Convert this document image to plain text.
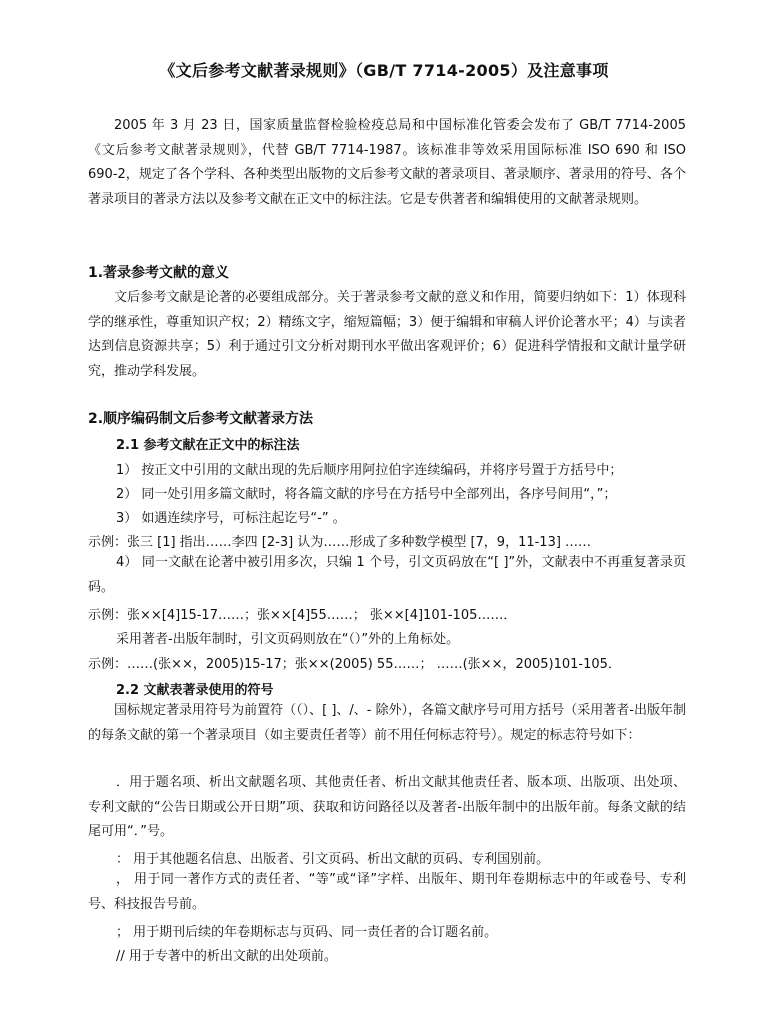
《文后参考文献著录规则》（GB/T 7714-2005）及注意事项
2005 年 3 月 23 日，国家质量监督检验检疫总局和中国标准化管委会发布了 GB/T 7714-2005《文后参考文献著录规则》，代替 GB/T 7714-1987。该标准非等效采用国际标准 ISO 690 和 ISO 690-2，规定了各个学科、各种类型出版物的文后参考文献的著录项目、著录顺序、著录用的符号、各个著录项目的著录方法以及参考文献在正文中的标注法。它是专供著者和编辑使用的文献著录规则。
1.著录参考文献的意义
文后参考文献是论著的必要组成部分。关于著录参考文献的意义和作用，简要归纳如下：1）体现科学的继承性，尊重知识产权；2）精练文字，缩短篇幅；3）便于编辑和审稿人评价论著水平；4）与读者达到信息资源共享；5）利于通过引文分析对期刊水平做出客观评价；6）促进科学情报和文献计量学研究，推动学科发展。
2.顺序编码制文后参考文献著录方法
2.1 参考文献在正文中的标注法
1） 按正文中引用的文献出现的先后顺序用阿拉伯字连续编码，并将序号置于方括号中；
2） 同一处引用多篇文献时，将各篇文献的序号在方括号中全部列出，各序号间用“，”；
3） 如遇连续序号，可标注起讫号“-” 。
示例：张三 [1] 指出……李四 [2-3] 认为……形成了多种数学模型 [7，9，11-13] ……
4） 同一文献在论著中被引用多次，只编 1 个号，引文页码放在“[ ]”外，文献表中不再重复著录页码。
示例：张××[4]15-17……；张××[4]55……； 张××[4]101-105……．
采用著者-出版年制时，引文页码则放在“（）”外的上角标处。
示例：……(张××，2005)15-17；张××(2005) 55……； ……(张××，2005)101-105．
2.2 文献表著录使用的符号
国标规定著录用符号为前置符（（）、[ ]、/、- 除外），各篇文献序号可用方括号（采用著者-出版年制的每条文献的第一个著录项目（如主要责任者等）前不用任何标志符号）。规定的标志符号如下：
．用于题名项、析出文献题名项、其他责任者、析出文献其他责任者、版本项、出版项、出处项、专利文献的“公告日期或公开日期”项、获取和访问路径以及著者-出版年制中的出版年前。每条文献的结尾可用“．”号。
： 用于其他题名信息、出版者、引文页码、析出文献的页码、专利国别前。
， 用于同一著作方式的责任者、“等”或“译”字样、出版年、期刊年卷期标志中的年或卷号、专利号、科技报告号前。
； 用于期刊后续的年卷期标志与页码、同一责任者的合订题名前。
// 用于专著中的析出文献的出处项前。
